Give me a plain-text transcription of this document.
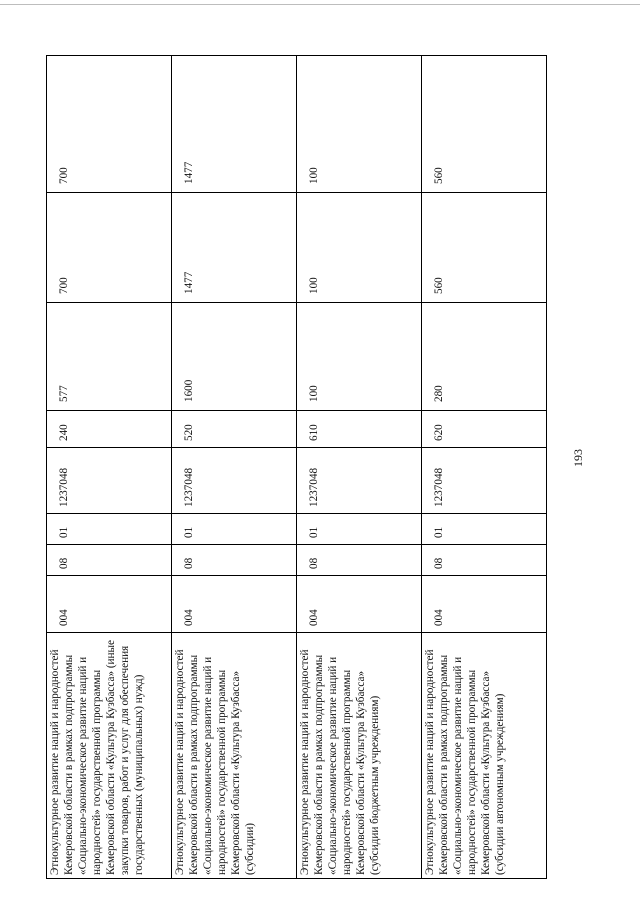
193
Этнокультурное развитие наций и народностей Кемеровской области в рамках подпрограммы «Социально-экономическое развитие наций и народностей» государственной программы Кемеровской области «Культура Кузбасса» (иные закупки товаров, работ и услуг для обеспечения государственных (муниципальных) нужд)	004	08	01	1237048	240	577	700	700
Этнокультурное развитие наций и народностей Кемеровской области в рамках подпрограммы «Социально-экономическое развитие наций и народностей» государственной программы Кемеровской области «Культура Кузбасса» (субсидии)	004	08	01	1237048	520	1600	1477	1477
Этнокультурное развитие наций и народностей Кемеровской области в рамках подпрограммы «Социально-экономическое развитие наций и народностей» государственной программы Кемеровской области «Культура Кузбасса» (субсидии бюджетным учреждениям)	004	08	01	1237048	610	100	100	100
Этнокультурное развитие наций и народностей Кемеровской области в рамках подпрограммы «Социально-экономическое развитие наций и народностей» государственной программы Кемеровской области «Культура Кузбасса» (субсидии автономным учреждениям)	004	08	01	1237048	620	280	560	560
